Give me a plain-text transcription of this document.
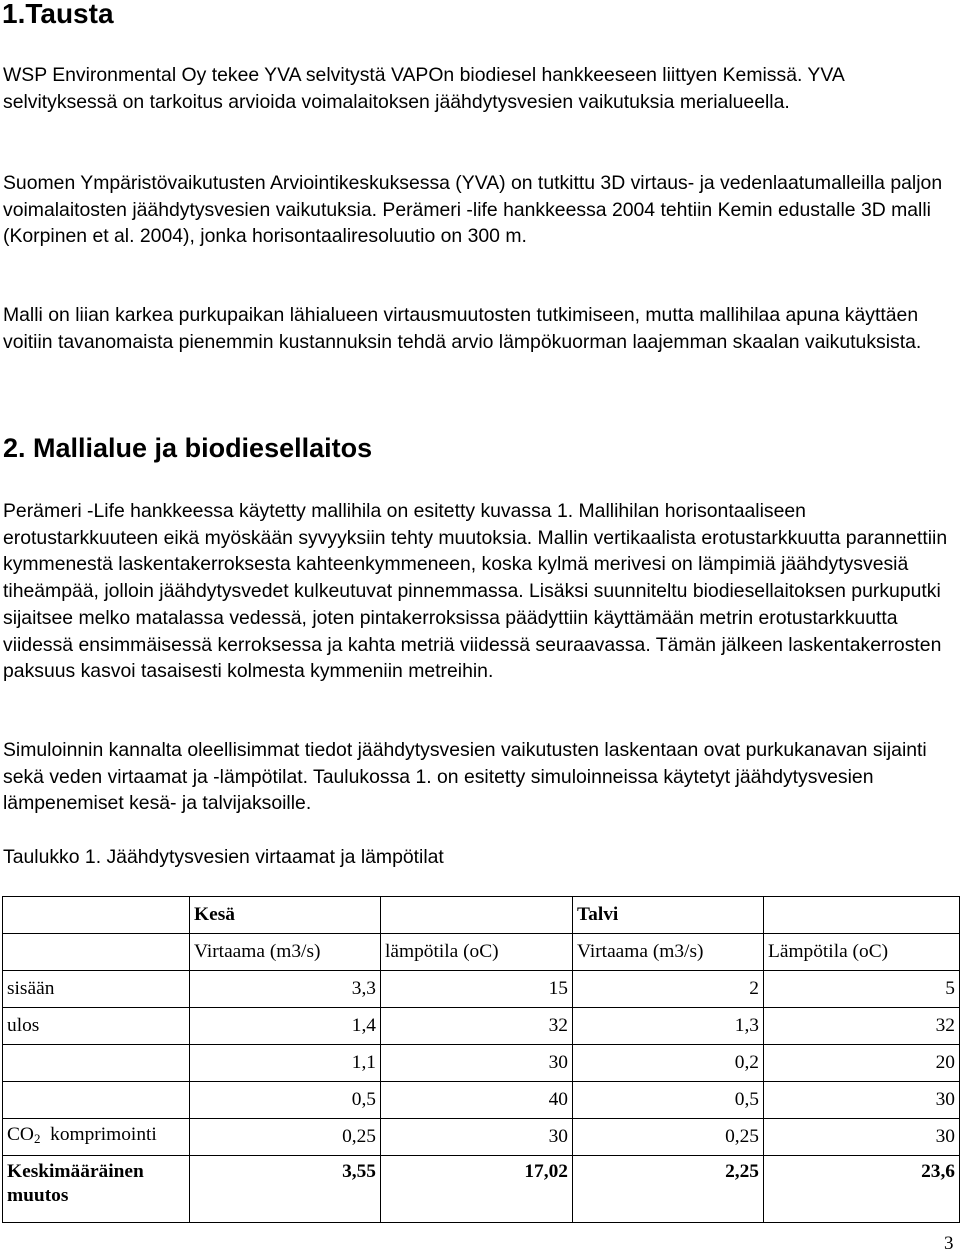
1.Tausta

WSP Environmental Oy tekee YVA selvitystä VAPOn biodiesel hankkeeseen liittyen Kemissä. YVA selvityksessä on tarkoitus arvioida voimalaitoksen jäähdytysvesien vaikutuksia merialueella.

Suomen Ympäristövaikutusten Arviointikeskuksessa (YVA) on tutkittu 3D virtaus- ja vedenlaatumalleilla paljon voimalaitosten jäähdytysvesien vaikutuksia. Perämeri -life hankkeessa 2004 tehtiin Kemin edustalle 3D malli (Korpinen et al. 2004), jonka horisontaaliresoluutio on 300 m.

Malli on liian karkea purkupaikan lähialueen virtausmuutosten tutkimiseen, mutta mallihilaa apuna käyttäen voitiin tavanomaista pienemmin kustannuksin tehdä arvio lämpökuorman laajemman skaalan vaikutuksista.

2. Mallialue ja biodiesellaitos

Perämeri -Life hankkeessa käytetty mallihila on esitetty kuvassa 1. Mallihilan horisontaaliseen erotustarkkuuteen eikä myöskään syvyyksiin tehty muutoksia. Mallin vertikaalista erotustarkkuutta parannettiin kymmenestä laskentakerroksesta kahteenkymmeneen, koska kylmä merivesi on lämpimiä jäähdytysvesiä tiheämpää, jolloin jäähdytysvedet kulkeutuvat pinnemmassa. Lisäksi suunniteltu biodiesellaitoksen purkuputki sijaitsee melko matalassa vedessä, joten pintakerroksissa päädyttiin käyttämään metrin erotustarkkuutta viidessä ensimmäisessä kerroksessa ja kahta metriä viidessä seuraavassa. Tämän jälkeen laskentakerrosten paksuus kasvoi tasaisesti kolmesta kymmeniin metreihin.

Simuloinnin kannalta oleellisimmat tiedot jäähdytysvesien vaikutusten laskentaan ovat purkukanavan sijainti sekä veden virtaamat ja -lämpötilat. Taulukossa 1. on esitetty simuloinneissa käytetyt jäähdytysvesien lämpenemiset kesä- ja talvijaksoille.

Taulukko 1. Jäähdytysvesien virtaamat ja lämpötilat

	Kesä		Talvi	
	Virtaama (m3/s)	lämpötila (oC)	Virtaama (m3/s)	Lämpötila (oC)
sisään	3,3	15	2	5
ulos	1,4	32	1,3	32
	1,1	30	0,2	20
	0,5	40	0,5	30
$CO_2$ komprimointi	0,25	30	0,25	30
Keskimääräinen muutos	3,55	17,02	2,25	23,6
3
